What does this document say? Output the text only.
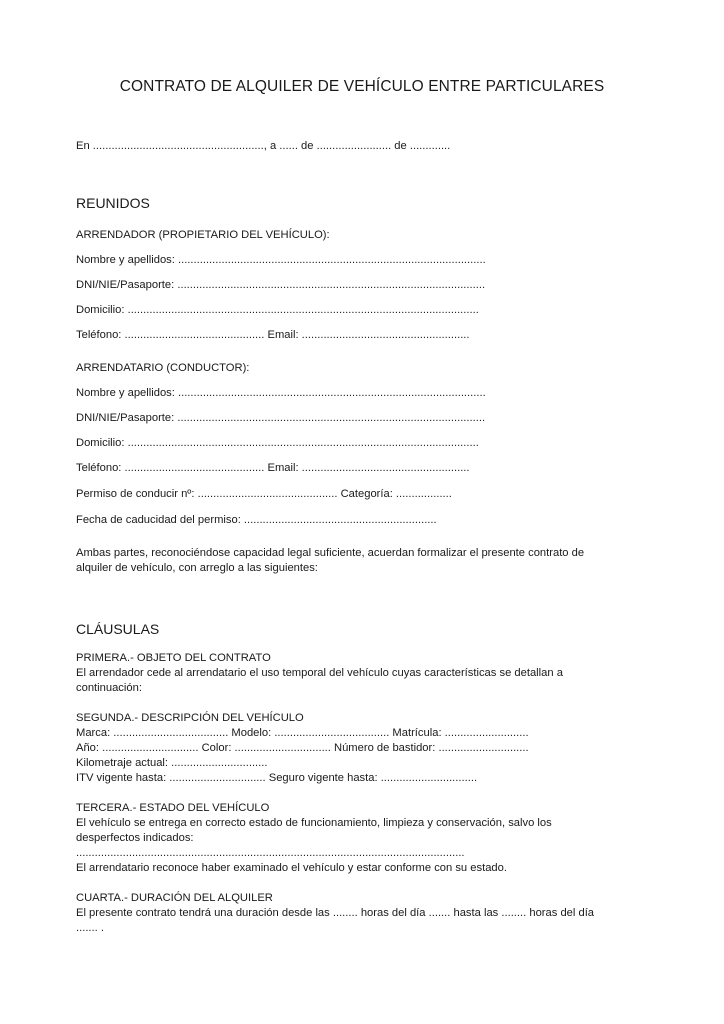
CONTRATO DE ALQUILER DE VEHÍCULO ENTRE PARTICULARES
En ......................................................., a ...... de ........................ de .............
REUNIDOS
ARRENDADOR (PROPIETARIO DEL VEHÍCULO):
Nombre y apellidos: ...................................................................................................
DNI/NIE/Pasaporte: ...................................................................................................
Domicilio: .................................................................................................................
Teléfono: ............................................. Email: ......................................................
ARRENDATARIO (CONDUCTOR):
Nombre y apellidos: ...................................................................................................
DNI/NIE/Pasaporte: ...................................................................................................
Domicilio: .................................................................................................................
Teléfono: ............................................. Email: ......................................................
Permiso de conducir nº: ............................................. Categoría: ..................
Fecha de caducidad del permiso: ..............................................................

Ambas partes, reconociéndose capacidad legal suficiente, acuerdan formalizar el presente contrato de

alquiler de vehículo, con arreglo a las siguientes:

CLÁUSULAS

PRIMERA.- OBJETO DEL CONTRATO

El arrendador cede al arrendatario el uso temporal del vehículo cuyas características se detallan a

continuación:

SEGUNDA.- DESCRIPCIÓN DEL VEHÍCULO

Marca: ..................................... Modelo: ..................................... Matrícula: ...........................

Año: ............................... Color: ............................... Número de bastidor: .............................

Kilometraje actual: ...............................

ITV vigente hasta: ............................... Seguro vigente hasta: ...............................

TERCERA.- ESTADO DEL VEHÍCULO

El vehículo se entrega en correcto estado de funcionamiento, limpieza y conservación, salvo los

desperfectos indicados:

.............................................................................................................................

El arrendatario reconoce haber examinado el vehículo y estar conforme con su estado.

CUARTA.- DURACIÓN DEL ALQUILER

El presente contrato tendrá una duración desde las ........ horas del día ....... hasta las ........ horas del día

....... .
